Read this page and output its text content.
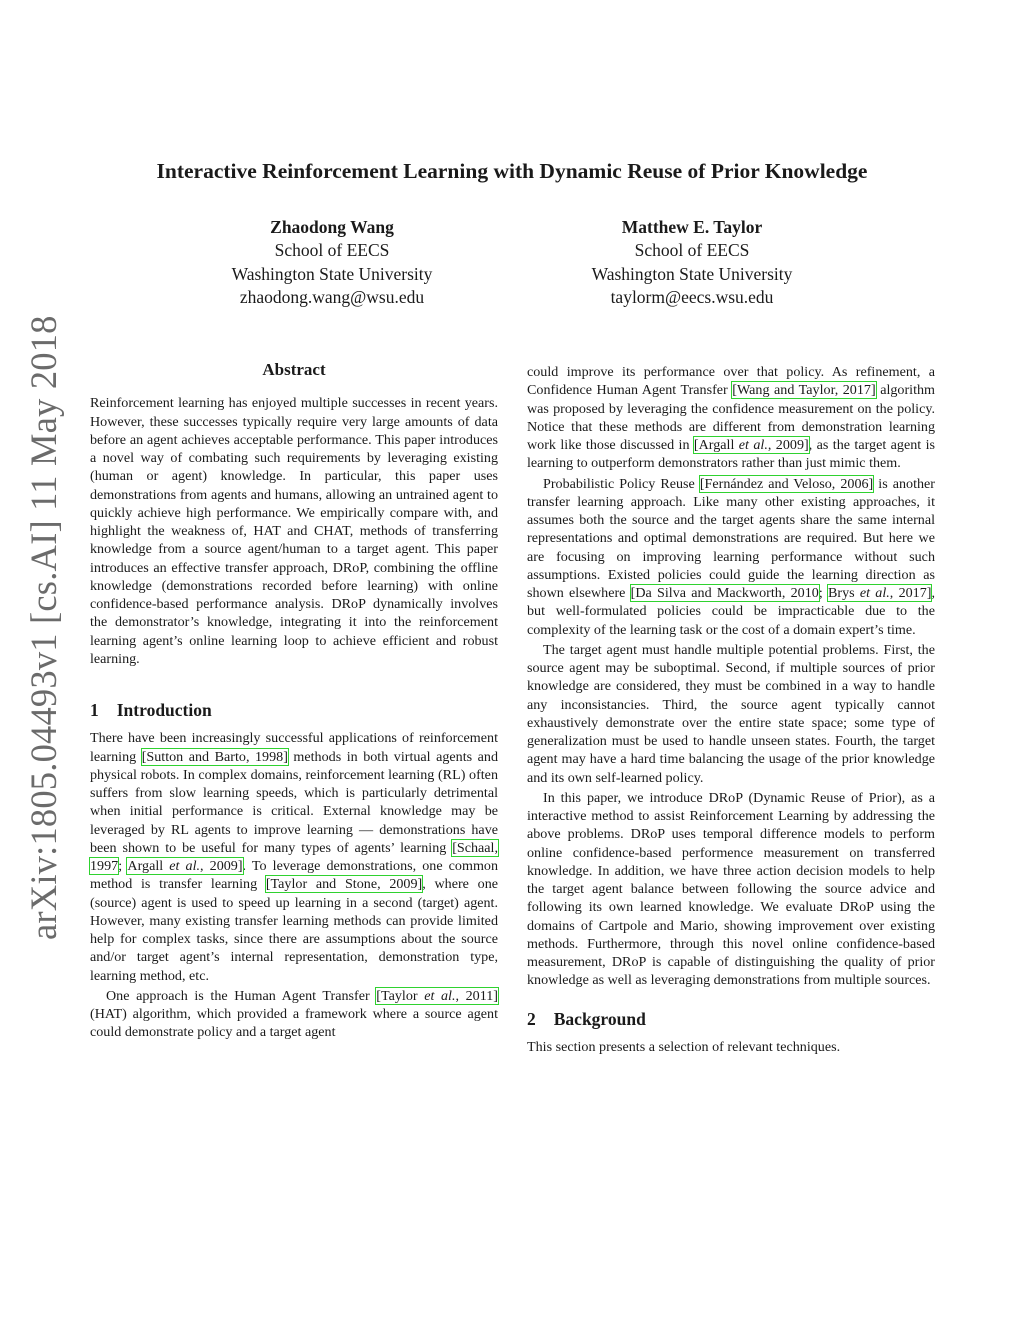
arXiv:1805.04493v1 [cs.AI] 11 May 2018
Interactive Reinforcement Learning with Dynamic Reuse of Prior Knowledge
Zhaodong Wang
School of EECS
Washington State University
zhaodong.wang@wsu.edu
Matthew E. Taylor
School of EECS
Washington State University
taylorm@eecs.wsu.edu
Abstract

Reinforcement learning has enjoyed multiple successes in recent years. However, these successes typically require very large amounts of data before an agent achieves acceptable performance. This paper introduces a novel way of combating such requirements by leveraging existing (human or agent) knowledge. In particular, this paper uses demonstrations from agents and humans, allowing an untrained agent to quickly achieve high performance. We empirically compare with, and highlight the weakness of, HAT and CHAT, methods of transferring knowledge from a source agent/human to a target agent. This paper introduces an effective transfer approach, DRoP, combining the offline knowledge (demonstrations recorded before learning) with online confidence-based performance analysis. DRoP dynamically involves the demonstrator’s knowledge, integrating it into the reinforcement learning agent’s online learning loop to achieve efficient and robust learning.

1 Introduction

There have been increasingly successful applications of reinforcement learning [Sutton and Barto, 1998] methods in both virtual agents and physical robots. In complex domains, reinforcement learning (RL) often suffers from slow learning speeds, which is particularly detrimental when initial performance is critical. External knowledge may be leveraged by RL agents to improve learning — demonstrations have been shown to be useful for many types of agents’ learning [Schaal, 1997; Argall et al., 2009]. To leverage demonstrations, one common method is transfer learning [Taylor and Stone, 2009], where one (source) agent is used to speed up learning in a second (target) agent. However, many existing transfer learning methods can provide limited help for complex tasks, since there are assumptions about the source and/or target agent’s internal representation, demonstration type, learning method, etc.

One approach is the Human Agent Transfer [Taylor et al., 2011] (HAT) algorithm, which provided a framework where a source agent could demonstrate policy and a target agent

could improve its performance over that policy. As refinement, a Confidence Human Agent Transfer [Wang and Taylor, 2017] algorithm was proposed by leveraging the confidence measurement on the policy. Notice that these methods are different from demonstration learning work like those discussed in [Argall et al., 2009], as the target agent is learning to outperform demonstrators rather than just mimic them.

Probabilistic Policy Reuse [Fernández and Veloso, 2006] is another transfer learning approach. Like many other existing approaches, it assumes both the source and the target agents share the same internal representations and optimal demonstrations are required. But here we are focusing on improving learning performance without such assumptions. Existed policies could guide the learning direction as shown elsewhere [Da Silva and Mackworth, 2010; Brys et al., 2017], but well-formulated policies could be impracticable due to the complexity of the learning task or the cost of a domain expert’s time.

The target agent must handle multiple potential problems. First, the source agent may be suboptimal. Second, if multiple sources of prior knowledge are considered, they must be combined in a way to handle any inconsistancies. Third, the source agent typically cannot exhaustively demonstrate over the entire state space; some type of generalization must be used to handle unseen states. Fourth, the target agent may have a hard time balancing the usage of the prior knowledge and its own self-learned policy.

In this paper, we introduce DRoP (Dynamic Reuse of Prior), as a interactive method to assist Reinforcement Learning by addressing the above problems. DRoP uses temporal difference models to perform online confidence-based performence measurement on transferred knowledge. In addition, we have three action decision models to help the target agent balance between following the source advice and following its own learned knowledge. We evaluate DRoP using the domains of Cartpole and Mario, showing improvement over existing methods. Furthermore, through this novel online confidence-based measurement, DRoP is capable of distinguishing the quality of prior knowledge as well as leveraging demonstrations from multiple sources.

2 Background

This section presents a selection of relevant techniques.
